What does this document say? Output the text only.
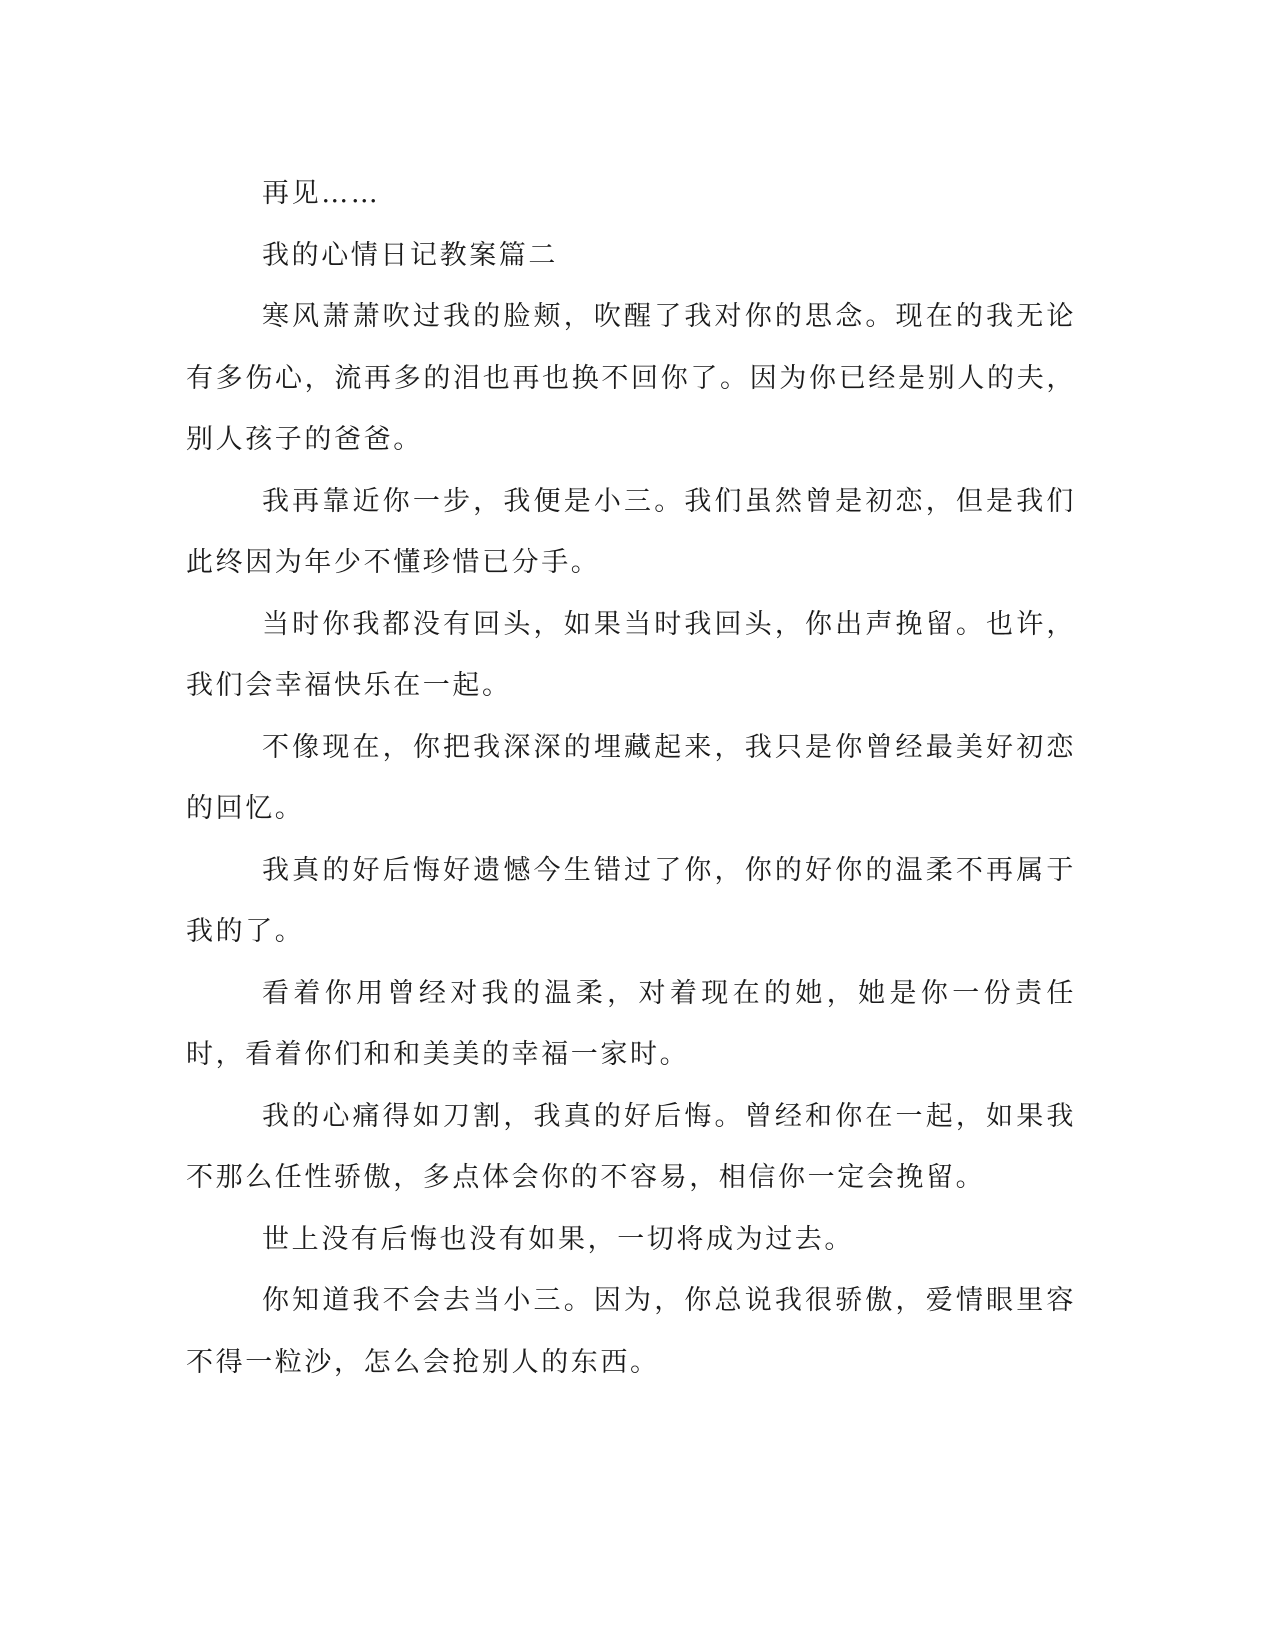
再见……

我的心情日记教案篇二

寒风萧萧吹过我的脸颊，吹醒了我对你的思念。现在的我无论有多伤心，流再多的泪也再也换不回你了。因为你已经是别人的夫，别人孩子的爸爸。

我再靠近你一步，我便是小三。我们虽然曾是初恋，但是我们此终因为年少不懂珍惜已分手。

当时你我都没有回头，如果当时我回头，你出声挽留。也许，我们会幸福快乐在一起。

不像现在，你把我深深的埋藏起来，我只是你曾经最美好初恋的回忆。

我真的好后悔好遗憾今生错过了你，你的好你的温柔不再属于我的了。

看着你用曾经对我的温柔，对着现在的她，她是你一份责任时，看着你们和和美美的幸福一家时。

我的心痛得如刀割，我真的好后悔。曾经和你在一起，如果我不那么任性骄傲，多点体会你的不容易，相信你一定会挽留。

世上没有后悔也没有如果，一切将成为过去。

你知道我不会去当小三。因为，你总说我很骄傲，爱情眼里容不得一粒沙，怎么会抢别人的东西。
